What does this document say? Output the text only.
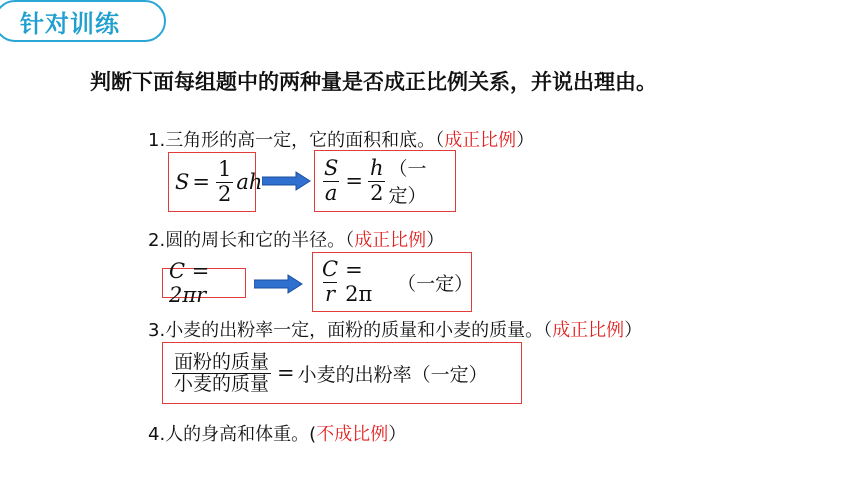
针对训练
判断下面每组题中的两种量是否成正比例关系，并说出理由。
1.三角形的高一定，它的面积和底。（成正比例）
$S = \frac{1}{2}$ ah	$\frac{S}{a} = \frac{h}{2}$ （一定）
2.圆的周长和它的半径。（成正比例）
C = 2πr	$\frac{C}{r} = 2\pi$	（一定）
3.小麦的出粉率一定，面粉的质量和小麦的质量。（成正比例）
$\frac{\text{面粉的质量}}{\text{小麦的质量}}$ = 小麦的出粉率（一定）
4.人的身高和体重。(不成比例）
